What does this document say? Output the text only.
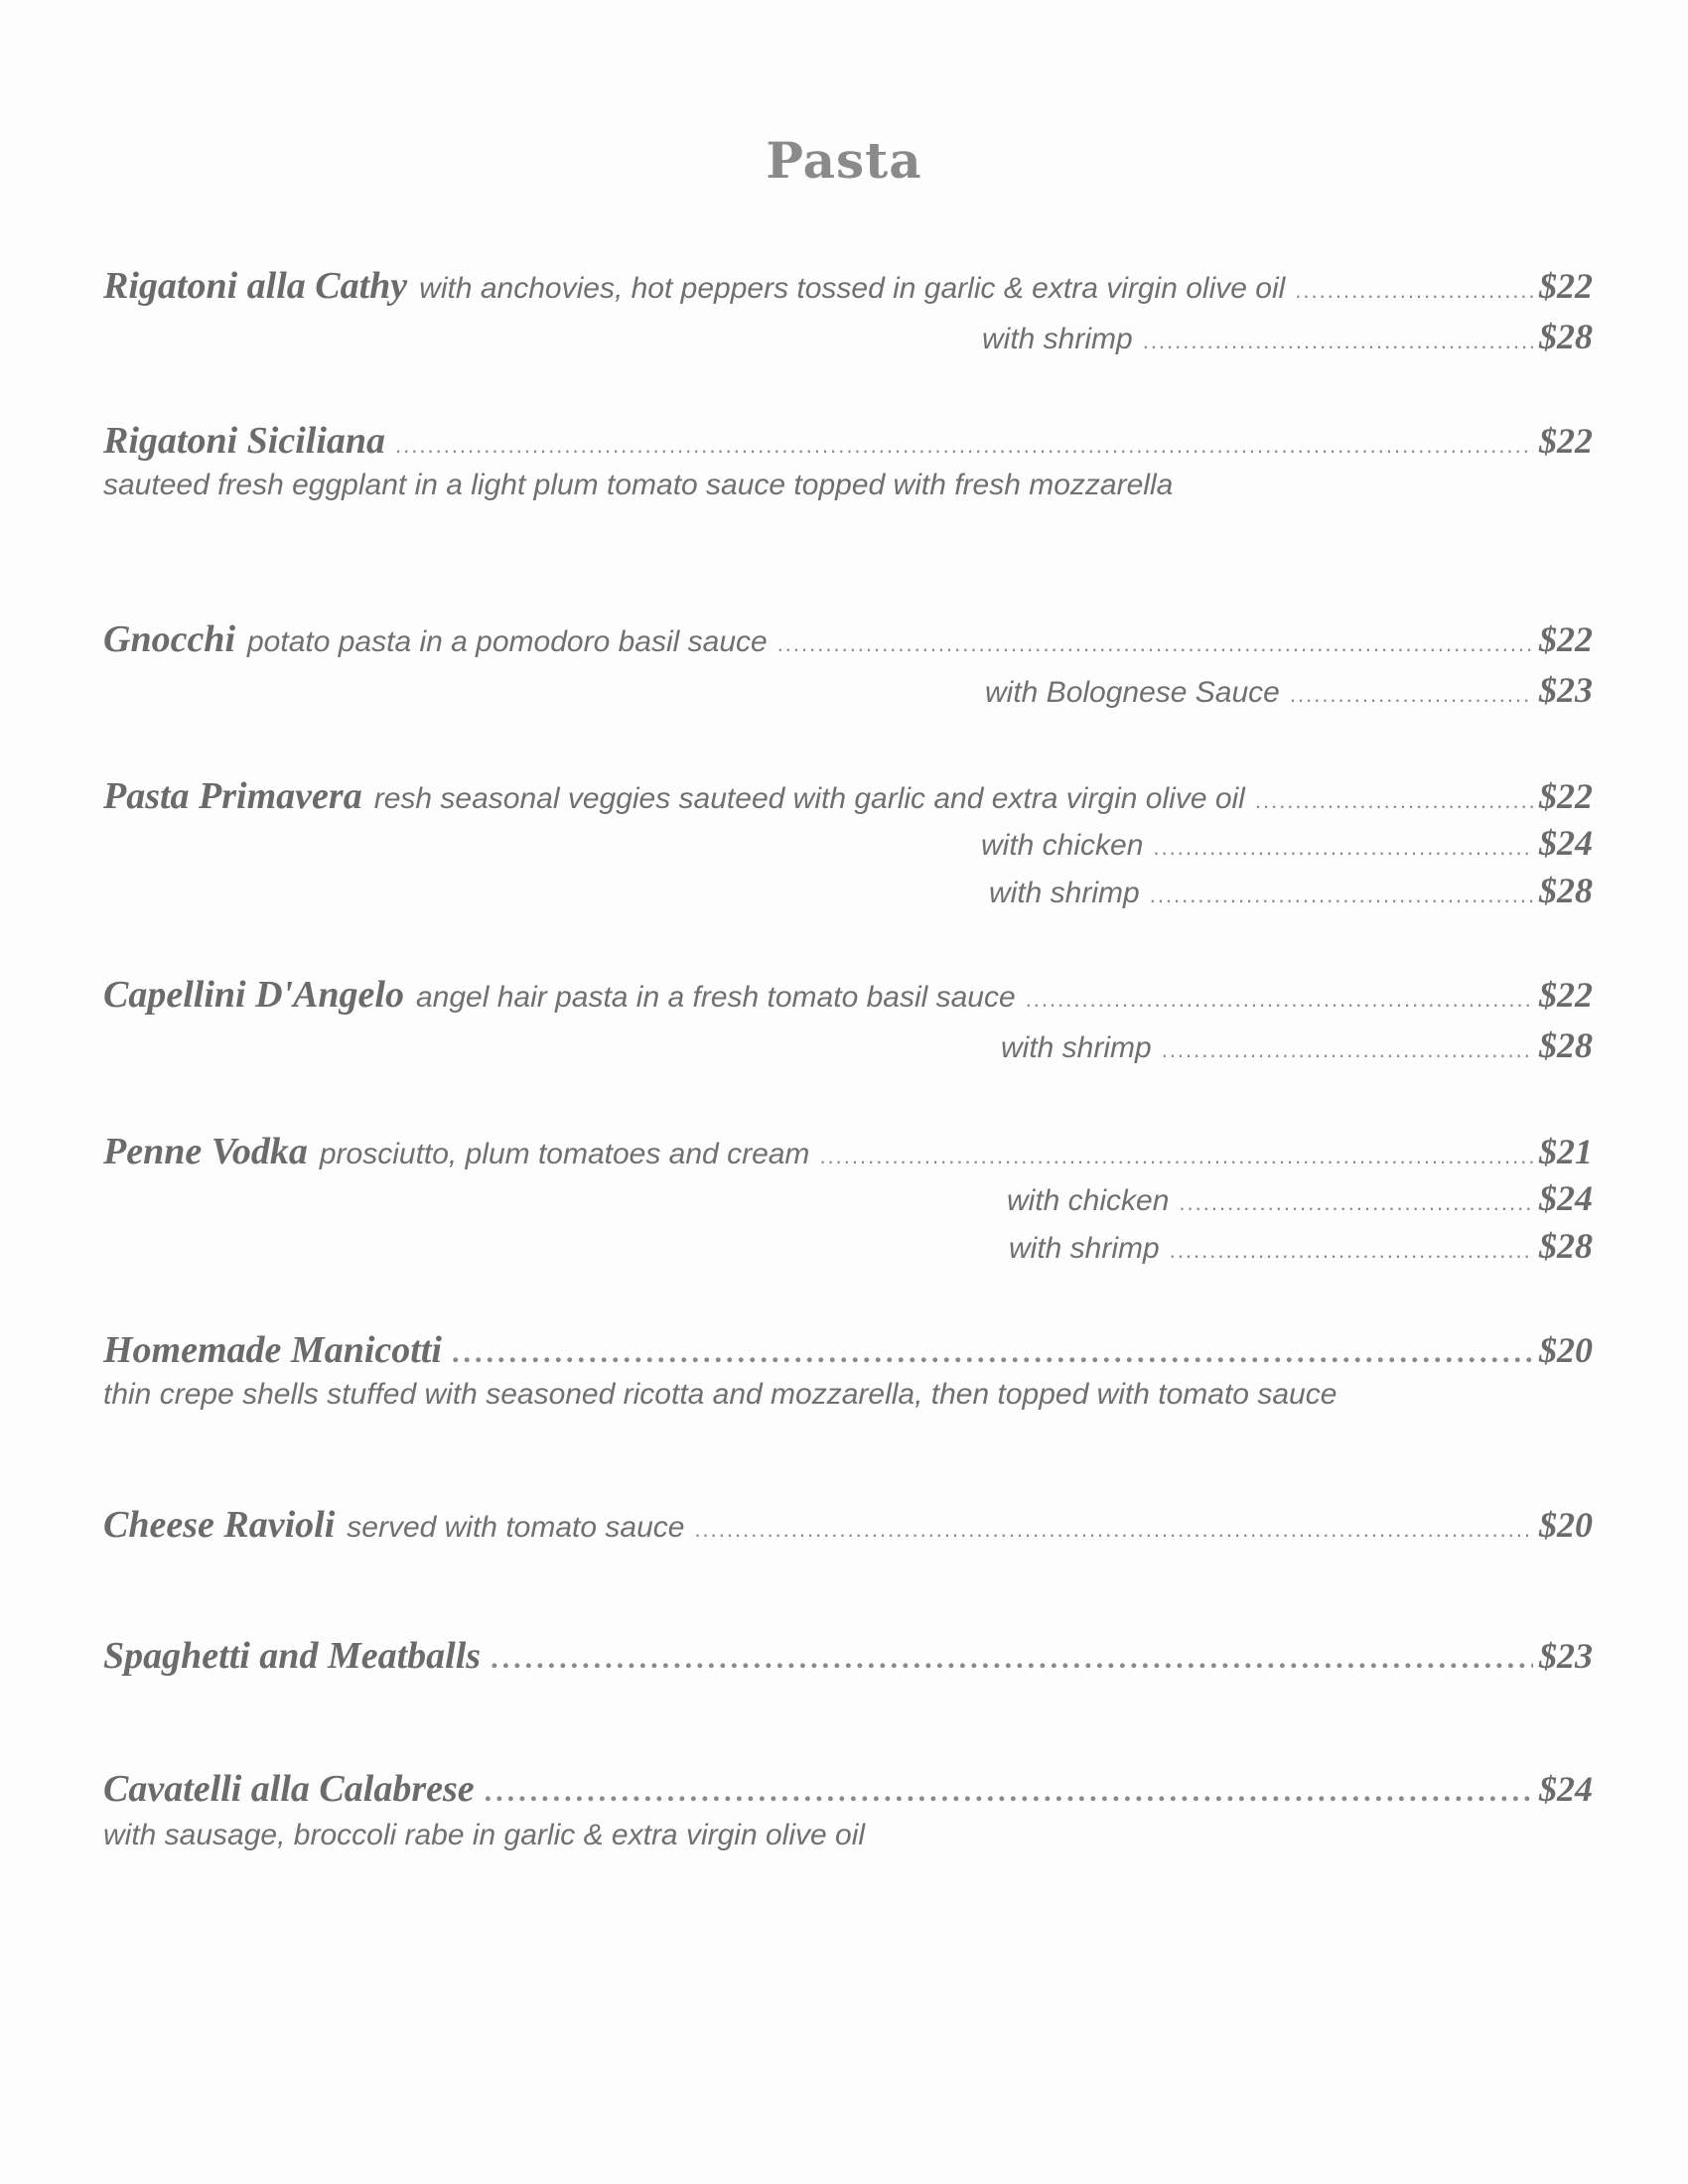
Pasta
Rigatoni alla Cathy with anchovies, hot peppers tossed in garlic & extra virgin olive oil .....	$22
with shrimp .....	$28
Rigatoni Siciliana .....	$22
sauteed fresh eggplant in a light plum tomato sauce topped with fresh mozzarella
Gnocchi potato pasta in a pomodoro basil sauce .....	$22
with Bolognese Sauce .....	$23
Pasta Primavera resh seasonal veggies sauteed with garlic and extra virgin olive oil .....	$22
with chicken .....	$24
with shrimp .....	$28
Capellini D'Angelo angel hair pasta in a fresh tomato basil sauce .....	$22
with shrimp .....	$28
Penne Vodka prosciutto, plum tomatoes and cream .....	$21
with chicken .....	$24
with shrimp .....	$28
Homemade Manicotti .....	$20
thin crepe shells stuffed with seasoned ricotta and mozzarella, then topped with tomato sauce
Cheese Ravioli served with tomato sauce .....	$20
Spaghetti and Meatballs .....	$23
Cavatelli alla Calabrese .....	$24
with sausage, broccoli rabe in garlic & extra virgin olive oil
